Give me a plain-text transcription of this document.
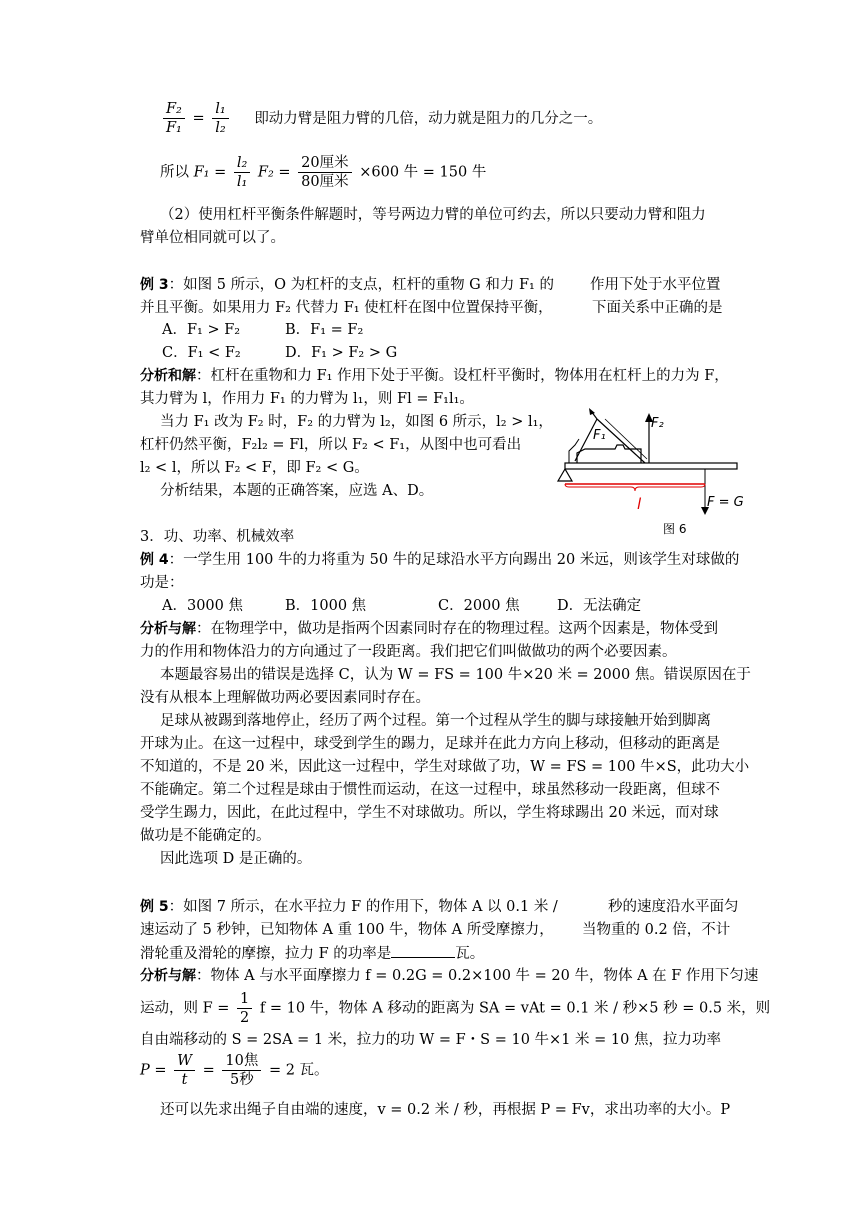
$\frac{\text{F₂}}{\text{F₁}} = \frac{\text{l₁}}{\text{l₂}}$ 即动力臂是阻力臂的几倍，动力就是阻力的几分之一。
所以 $F_1 = \frac{\text{l₂}}{\text{l₁}} F_2 = \frac{\text{20厘米}}{\text{80厘米}} \times 600$ 牛 = 150 牛
（2）使用杠杆平衡条件解题时，等号两边力臂的单位可约去，所以只要动力臂和阻力
臂单位相同就可以了。
例 3：如图 5 所示，O 为杠杆的支点，杠杆的重物 G 和力 F₁ 的 作用下处于水平位置
并且平衡。如果用力 F₂ 代替力 F₁ 使杠杆在图中位置保持平衡，	下面关系中正确的是
A．F₁ > F₂	B．F₁ = F₂
C．F₁ < F₂	D．F₁ > F₂ > G
分析和解：杠杆在重物和力 F₁ 作用下处于平衡。设杠杆平衡时，物体用在杠杆上的力为 F，
其力臂为 l，作用力 F₁ 的力臂为 l₁，则 Fl = F₁l₁。
当力 F₁ 改为 F₂ 时，F₂ 的力臂为 l₂，如图 6 所示，l₂ > l₁，
杠杆仍然平衡，F₂l₂ = Fl，所以 F₂ < F₁，从图中也可看出
l₂ < l，所以 F₂ < F，即 F₂ < G。
分析结果，本题的正确答案，应选 A、D。
F₁
F₂
l	F = G
图 6
3．功、功率、机械效率
例 4：一学生用 100 牛的力将重为 50 牛的足球沿水平方向踢出 20 米远，则该学生对球做的
功是：
A．3000 焦	B．1000 焦	C．2000 焦	D．无法确定
分析与解：在物理学中，做功是指两个因素同时存在的物理过程。这两个因素是，物体受到
力的作用和物体沿力的方向通过了一段距离。我们把它们叫做做功的两个必要因素。
本题最容易出的错误是选择 C，认为 W = FS = 100 牛×20 米 = 2000 焦。错误原因在于
没有从根本上理解做功两必要因素同时存在。
足球从被踢到落地停止，经历了两个过程。第一个过程从学生的脚与球接触开始到脚离
开球为止。在这一过程中，球受到学生的踢力，足球并在此力方向上移动，但移动的距离是
不知道的，不是 20 米，因此这一过程中，学生对球做了功，W = FS = 100 牛×S，此功大小
不能确定。第二个过程是球由于惯性而运动，在这一过程中，球虽然移动一段距离，但球不
受学生踢力，因此，在此过程中，学生不对球做功。所以，学生将球踢出 20 米远，而对球
做功是不能确定的。
因此选项 D 是正确的。
例 5：如图 7 所示，在水平拉力 F 的作用下，物体 A 以 0.1 米 /	秒的速度沿水平面匀
速运动了 5 秒钟，已知物体 A 重 100 牛，物体 A 所受摩擦力， 当物重的 0.2 倍，不计
滑轮重及滑轮的摩擦，拉力 F 的功率是	瓦。
分析与解：物体 A 与水平面摩擦力 f = 0.2G = 0.2×100 牛 = 20 牛，物体 A 在 F 作用下匀速
运动，则 $F = \frac{1}{2}$ f = 10 牛，物体 A 移动的距离为 SA = vAt = 0.1 米 / 秒×5 秒 = 0.5 米，则
自由端移动的 S = 2SA = 1 米，拉力的功 W = F・S = 10 牛×1 米 = 10 焦，拉力功率
$P = \frac{W}{t} = \frac{\text{10焦}}{\text{5秒}} = 2$ 瓦。
还可以先求出绳子自由端的速度，v = 0.2 米 / 秒，再根据 P = Fv，求出功率的大小。P
